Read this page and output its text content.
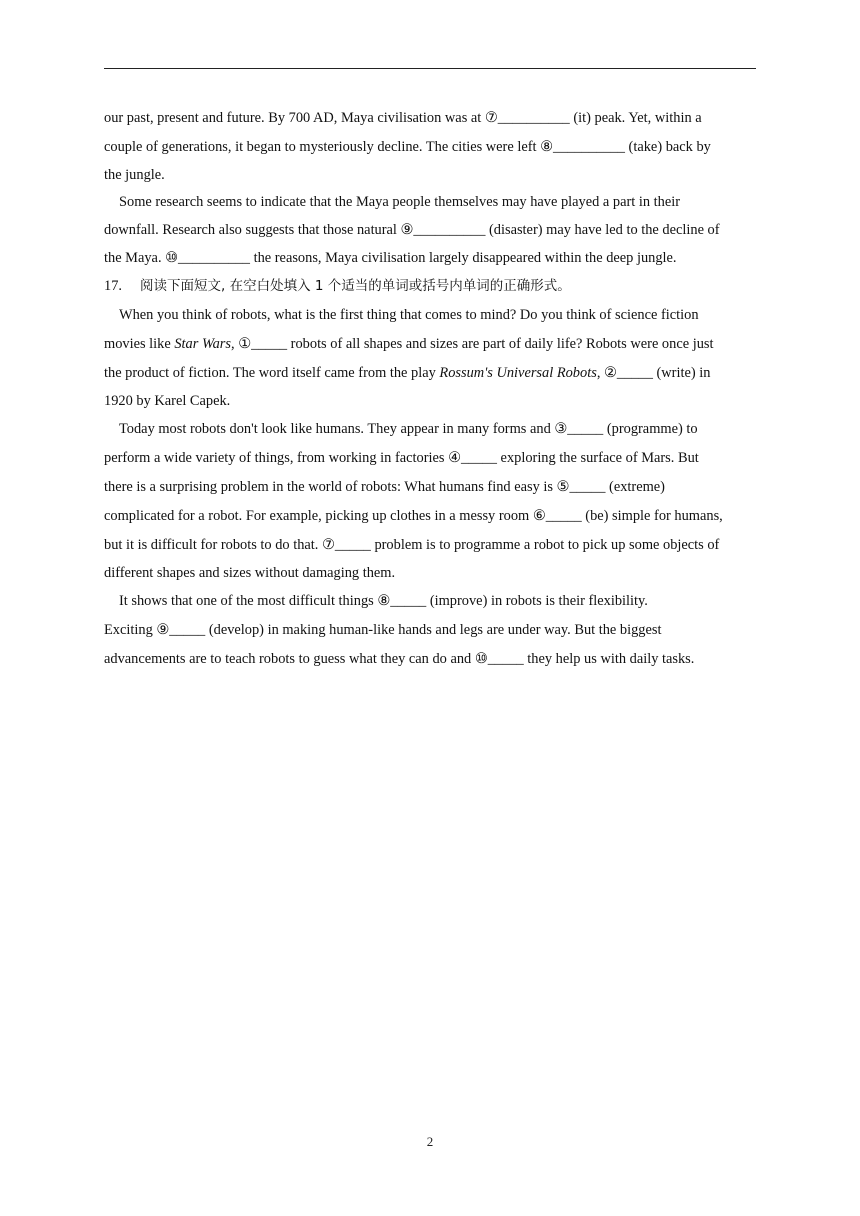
our past, present and future. By 700 AD, Maya civilisation was at ⑦__________ (it) peak. Yet, within a
couple of generations, it began to mysteriously decline. The cities were left ⑧__________ (take) back by
the jungle.
Some research seems to indicate that the Maya people themselves may have played a part in their
downfall. Research also suggests that those natural ⑨__________ (disaster) may have led to the decline of
the Maya. ⑩__________ the reasons, Maya civilisation largely disappeared within the deep jungle.
17. 阅读下面短文, 在空白处填入 1 个适当的单词或括号内单词的正确形式。
When you think of robots, what is the first thing that comes to mind? Do you think of science fiction
movies like Star Wars, ①_____ robots of all shapes and sizes are part of daily life? Robots were once just
the product of fiction. The word itself came from the play Rossum's Universal Robots, ②_____ (write) in
1920 by Karel Capek.
Today most robots don't look like humans. They appear in many forms and ③_____ (programme) to
perform a wide variety of things, from working in factories ④_____ exploring the surface of Mars. But
there is a surprising problem in the world of robots: What humans find easy is ⑤_____ (extreme)
complicated for a robot. For example, picking up clothes in a messy room ⑥_____ (be) simple for humans,
but it is difficult for robots to do that. ⑦_____ problem is to programme a robot to pick up some objects of
different shapes and sizes without damaging them.
It shows that one of the most difficult things ⑧_____ (improve) in robots is their flexibility.
Exciting ⑨_____ (develop) in making human-like hands and legs are under way. But the biggest
advancements are to teach robots to guess what they can do and ⑩_____ they help us with daily tasks.
2
